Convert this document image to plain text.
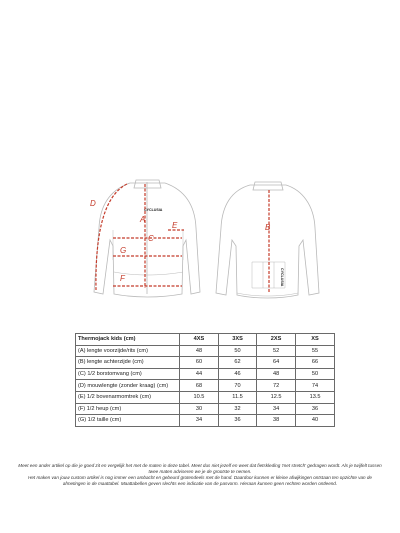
CYCLUSIA
CYCLUSIA
A
C
G
F
E
D
B
Thermojack kids (cm)	4XS	3XS	2XS	XS
(A) lengte voorzijde/rits (cm)	48	50	52	55
(B) lengte achterzijde (cm)	60	62	64	66
(C) 1/2 borstomvang (cm)	44	46	48	50
(D) mouwlengte (zonder kraag) (cm)	68	70	72	74
(E) 1/2 bovenarmomtrek (cm)	10.5	11.5	12.5	13.5
(F) 1/2 heup (cm)	30	32	34	36
(G) 1/2 taille (cm)	34	36	38	40

Meet een ander artikel op die je goed zit en vergelijk het met de maten in deze tabel. Meet dus niet jezelf en weet dat fietskleding 'met stretch' gedragen wordt. Als je twijfelt tussen
twee maten adviseren we je de grootste te nemen.
Het maken van jouw custom artikel is nog immer een ambacht en gebeurd grotendeels met de hand. Daardoor kunnen er kleine afwijkingen ontstaan ten opzichte van de
afmetingen in de maattabel. Maattabellen geven slechts een indicatie van de pasvorm. Hieraan kunnen geen rechten worden ontleend.
